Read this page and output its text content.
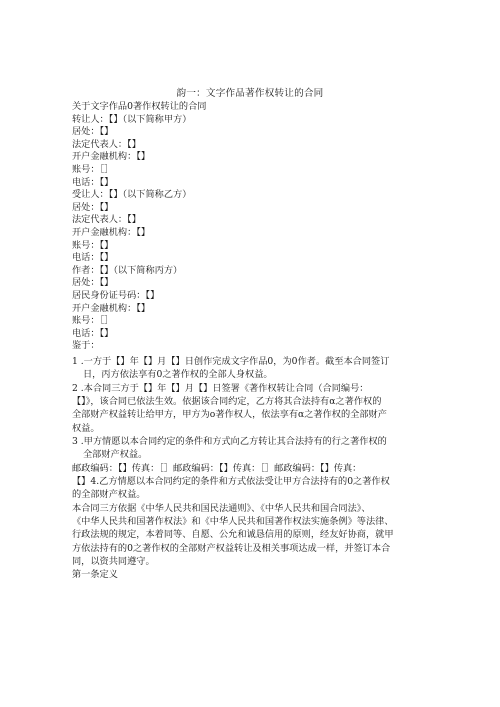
韵一：文字作品著作权转让的合同
关于文字作品0著作权转让的合同
转让人：【】（以下简称甲方）
居处：【】
法定代表人：【】
开户金融机构：【】
账号：［］
电话：【】
受让人：【】（以下简称乙方）
居处：【】
法定代表人：【】
开户金融机构：【】
账号：【】
电话：【】
作者：【】（以下简称丙方）
居处：【】
居民身份证号码：【】
开户金融机构：【】
账号：［］
电话：【】
鉴于：
1 .一方于【】年【】月【】日创作完成文字作品0，为0作者。截至本合同签订
日，丙方依法享有0之著作权的全部人身权益。
2 .本合同三方于【】年【】月【】日签署《著作权转让合同（合同编号：
【】》，该合同已依法生效。依据该合同约定，乙方将其合法持有α之著作权的
全部财产权益转让给甲方，甲方为o著作权人，依法享有α之著作权的全部财产
权益。
3 .甲方情愿以本合同约定的条件和方式向乙方转让其合法持有的行之著作权的
全部财产权益。
邮政编码：【】传真：［］邮政编码：【】传真：［］邮政编码：【】传真：
【】4.乙方情愿以本合同约定的条件和方式依法受让甲方合法持有的0之著作权
的全部财产权益。
本合同三方依据《中华人民共和国民法通则》、《中华人民共和国合同法》、
《中华人民共和国著作权法》和《中华人民共和国著作权法实施条例》等法律、
行政法规的规定，本着同等、自愿、公允和诚恳信用的原则，经友好协商，就甲
方依法持有的0之著作权的全部财产权益转让及相关事项达成一样，并签订本合
同，以资共同遵守。
第一条定义
